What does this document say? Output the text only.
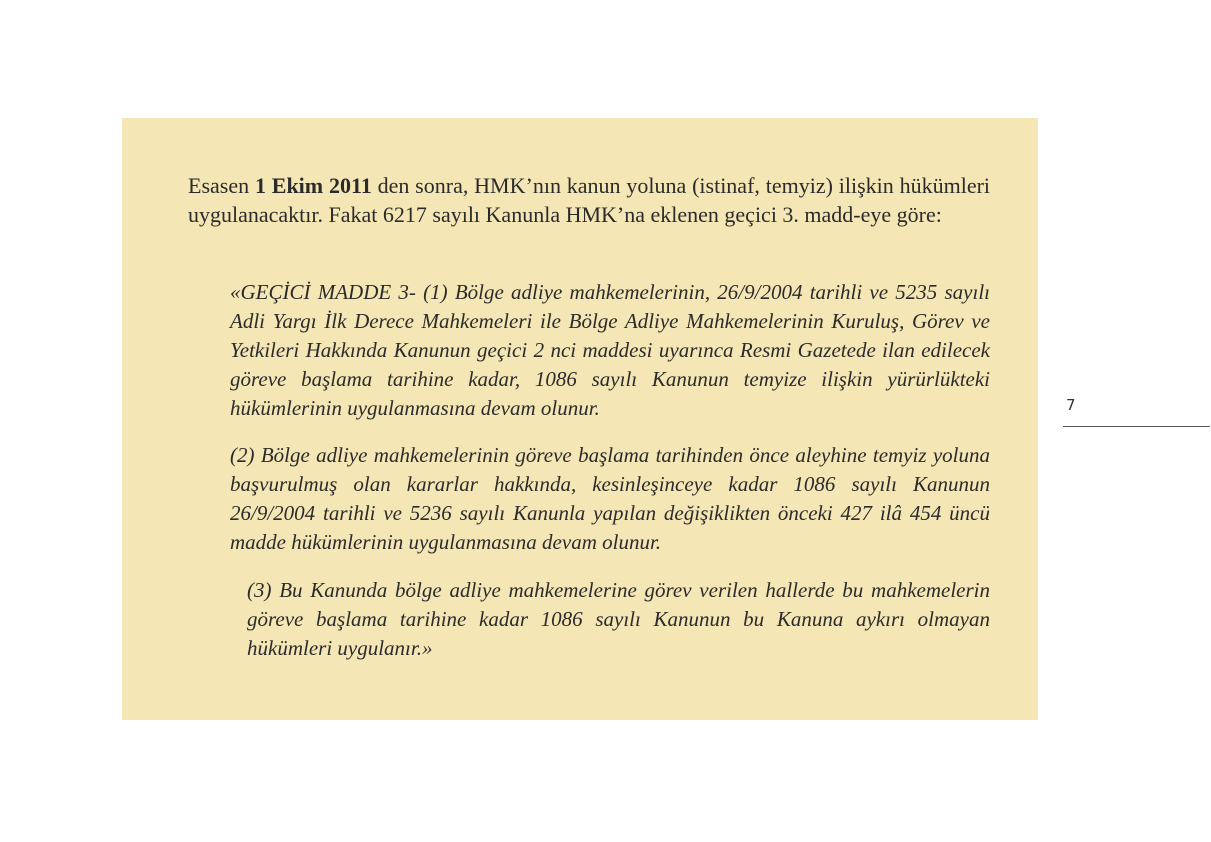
Esasen 1 Ekim 2011 den sonra, HMK’nın kanun yoluna (istinaf, temyiz) ilişkin hükümleri uygulanacaktır. Fakat 6217 sayılı Kanunla HMK’na eklenen geçici 3. madd-eye göre:

«GEÇİCİ MADDE 3- (1) Bölge adliye mahkemelerinin, 26/9/2004 tarihli ve 5235 sayılı Adli Yargı İlk Derece Mahkemeleri ile Bölge Adliye Mahkemelerinin Kuruluş, Görev ve Yetkileri Hakkında Kanunun geçici 2 nci maddesi uyarınca Resmi Gazetede ilan edilecek göreve başlama tarihine kadar, 1086 sayılı Kanunun temyize ilişkin yürürlükteki hükümlerinin uygulanmasına devam olunur.

(2) Bölge adliye mahkemelerinin göreve başlama tarihinden önce aleyhine temyiz yoluna başvurulmuş olan kararlar hakkında, kesinleşinceye kadar 1086 sayılı Kanunun 26/9/2004 tarihli ve 5236 sayılı Kanunla yapılan değişiklikten önceki 427 ilâ 454 üncü madde hükümlerinin uygulanmasına devam olunur.

(3) Bu Kanunda bölge adliye mahkemelerine görev verilen hallerde bu mahkemelerin göreve başlama tarihine kadar 1086 sayılı Kanunun bu Kanuna aykırı olmayan hükümleri uygulanır.»

7
